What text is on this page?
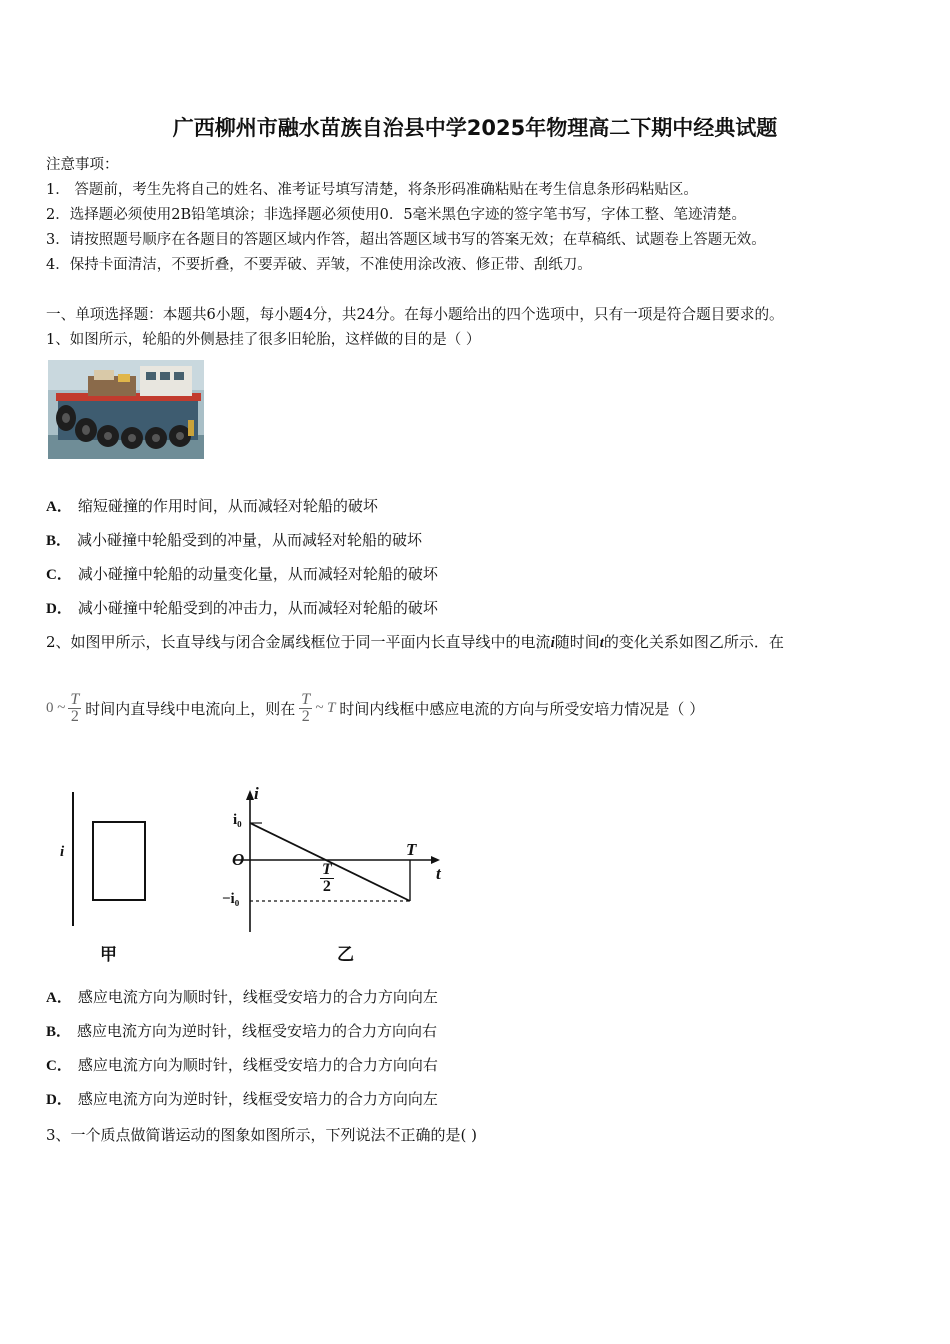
广西柳州市融水苗族自治县中学2025年物理高二下期中经典试题
注意事项：
1． 答题前，考生先将自己的姓名、准考证号填写清楚，将条形码准确粘贴在考生信息条形码粘贴区。
2．选择题必须使用2B铅笔填涂；非选择题必须使用0．5毫米黑色字迹的签字笔书写，字体工整、笔迹清楚。
3．请按照题号顺序在各题目的答题区域内作答，超出答题区域书写的答案无效；在草稿纸、试题卷上答题无效。
4．保持卡面清洁，不要折叠，不要弄破、弄皱，不准使用涂改液、修正带、刮纸刀。
一、单项选择题：本题共6小题，每小题4分，共24分。在每小题给出的四个选项中，只有一项是符合题目要求的。
1、如图所示，轮船的外侧悬挂了很多旧轮胎，这样做的目的是（ ）
A． 缩短碰撞的作用时间，从而减轻对轮船的破坏
B． 减小碰撞中轮船受到的冲量，从而减轻对轮船的破坏
C． 减小碰撞中轮船的动量变化量，从而减轻对轮船的破坏
D． 减小碰撞中轮船受到的冲击力，从而减轻对轮船的破坏
2、如图甲所示，长直导线与闭合金属线框位于同一平面内长直导线中的电流i随时间t的变化关系如图乙所示．在
0 ~ $\frac{T}{2}$ 时间内直导线中电流向上，则在 $\frac{T}{2}$ ~ T 时间内线框中感应电流的方向与所受安培力情况是（ ）
i
i
i₀
O
−i₀
T
t
$\frac{T}{2}$
甲	乙
A． 感应电流方向为顺时针，线框受安培力的合力方向向左
B． 感应电流方向为逆时针，线框受安培力的合力方向向右
C． 感应电流方向为顺时针，线框受安培力的合力方向向右
D． 感应电流方向为逆时针，线框受安培力的合力方向向左
3、一个质点做简谐运动的图象如图所示，下列说法不正确的是( )
